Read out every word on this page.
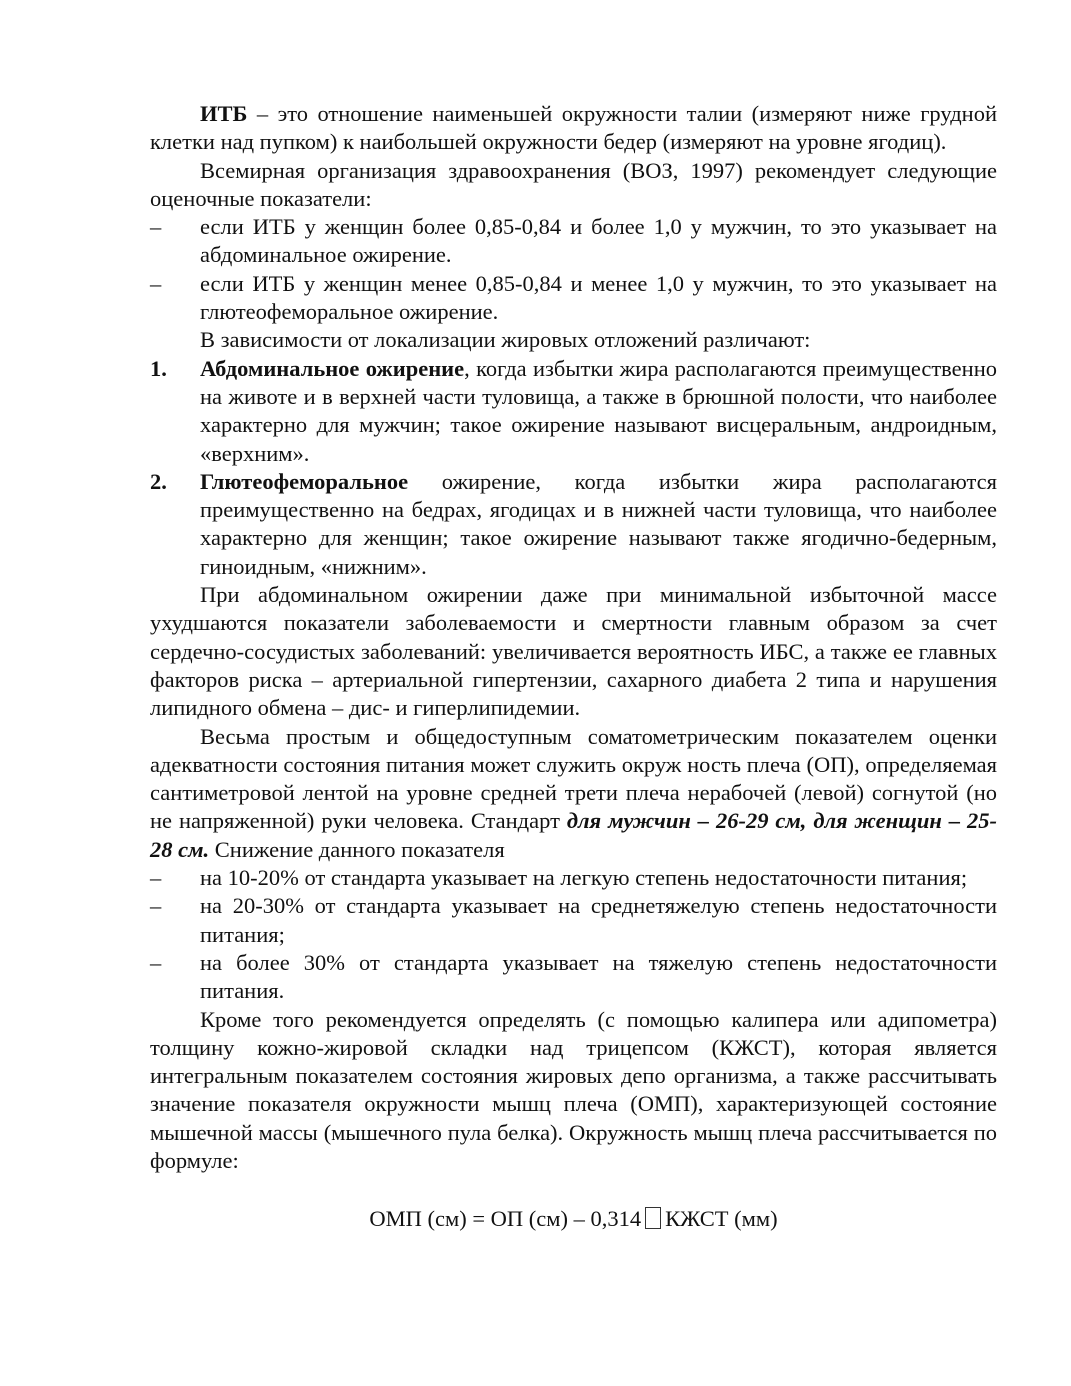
ИТБ – это отношение наименьшей окружности талии (измеряют ниже грудной клетки над пупком) к наибольшей окружности бедер (измеряют на уровне ягодиц).

Всемирная организация здравоохранения (ВОЗ, 1997) рекомендует следующие оценочные показатели:

–	если ИТБ у женщин более 0,85-0,84 и более 1,0 у мужчин, то это указывает на абдоминальное ожирение.
–	если ИТБ у женщин менее 0,85-0,84 и менее 1,0 у мужчин, то это указывает на глютеофеморальное ожирение.

В зависимости от локализации жировых отложений различают:

1.	Абдоминальное ожирение, когда избытки жира располагаются преимущественно на животе и в верхней части туловища, а также в брюшной полости, что наиболее характерно для мужчин; такое ожирение называют висцеральным, андроидным, «верхним».
2.	Глютеофеморальное ожирение, когда избытки жира располагаются преимущественно на бедрах, ягодицах и в нижней части туловища, что наиболее характерно для женщин; такое ожирение называют также ягодично-бедерным, гиноидным, «нижним».

При абдоминальном ожирении даже при минимальной избыточной массе ухудшаются показатели заболеваемости и смертности главным образом за счет сердечно-сосудистых заболеваний: увеличивается вероятность ИБС, а также ее главных факторов риска – артериальной гипертензии, сахарного диабета 2 типа и нарушения липидного обмена – дис- и гиперлипидемии.

Весьма простым и общедоступным соматометрическим показателем оценки адекватности состояния питания может служить окруж ность плеча (ОП), определяемая сантиметровой лентой на уровне средней трети плеча нерабочей (левой) согнутой (но не напряженной) руки человека. Стандарт для мужчин – 26-29 см, для женщин – 25-28 см. Снижение данного показателя

–	на 10-20% от стандарта указывает на легкую степень недостаточности питания;
–	на 20-30% от стандарта указывает на среднетяжелую степень недостаточности питания;
–	на более 30% от стандарта указывает на тяжелую степень недостаточности питания.

Кроме того рекомендуется определять (с помощью калипера или адипометра) толщину кожно-жировой складки над трицепсом (КЖСТ), которая является интегральным показателем состояния жировых депо организма, а также рассчитывать значение показателя окружности мышц плеча (ОМП), характеризующей состояние мышечной массы (мышечного пула белка). Окружность мышц плеча рассчитывается по формуле:

ОМП (см) = ОП (см) – 0,314 КЖСТ (мм)
